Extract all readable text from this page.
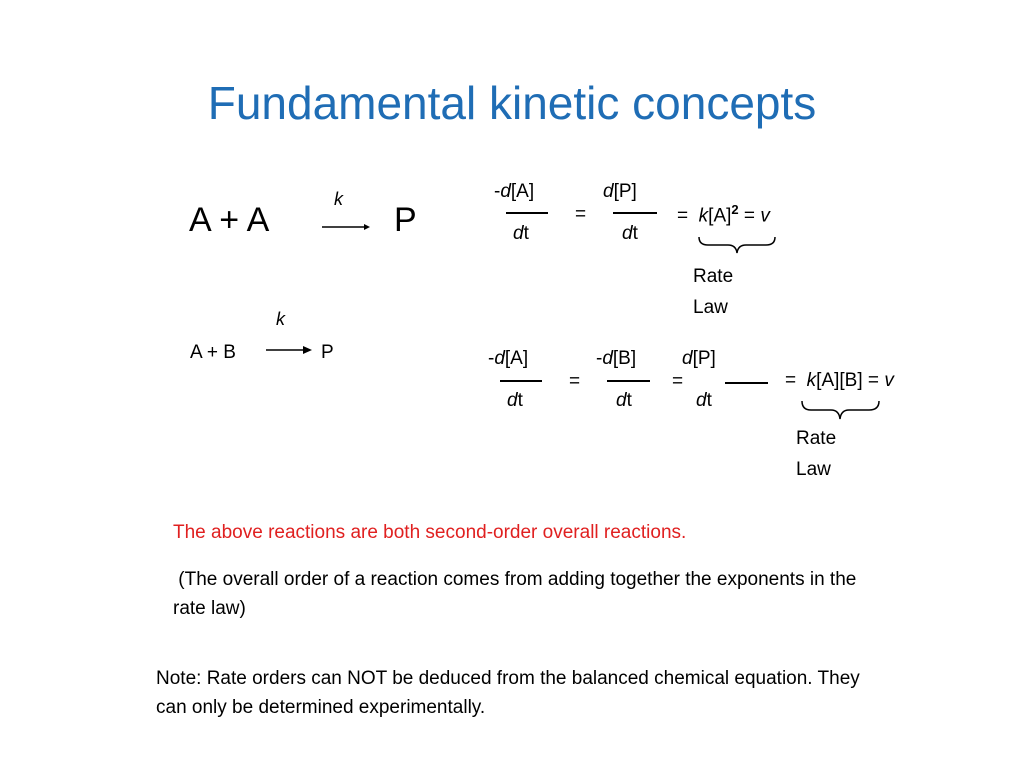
Fundamental kinetic concepts
A + A
k
→ P
A + B
k
→ P
-d[A]
dt
=
d[P]
dt
= $k[A]^2 = v$
Rate
Law
-d[A]
dt
=
-d[B]
dt
=
d[P]
dt
= k[A][B] = v
Rate
Law
The above reactions are both second-order overall reactions.
(The overall order of a reaction comes from adding together the exponents in the rate law)
Note: Rate orders can NOT be deduced from the balanced chemical equation. They can only be determined experimentally.
